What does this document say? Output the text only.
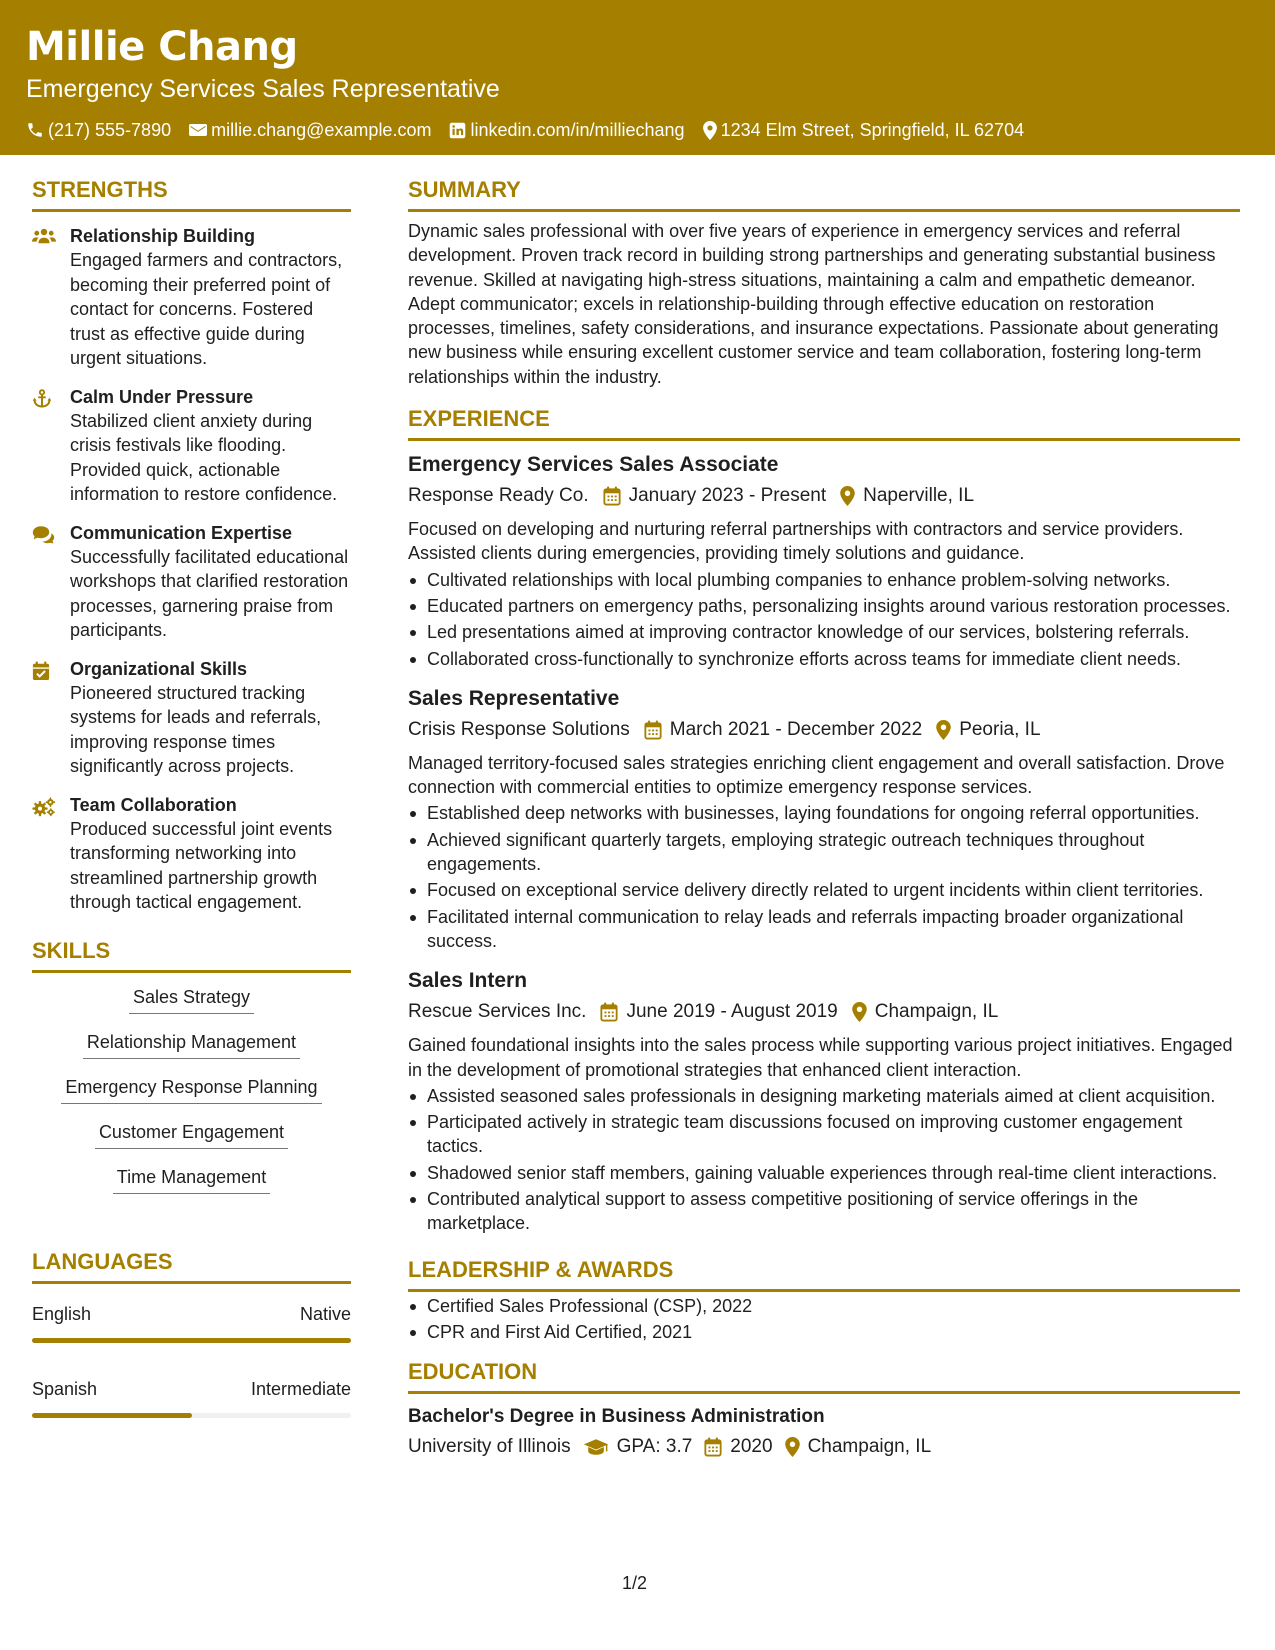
Millie Chang
Emergency Services Sales Representative
(217) 555-7890 millie.chang@example.com linkedin.com/in/milliechang 1234 Elm Street, Springfield, IL 62704
STRENGTHS
Relationship Building
Engaged farmers and contractors, becoming their preferred point of contact for concerns. Fostered trust as effective guide during urgent situations.
Calm Under Pressure
Stabilized client anxiety during crisis festivals like flooding. Provided quick, actionable information to restore confidence.
Communication Expertise
Successfully facilitated educational workshops that clarified restoration processes, garnering praise from participants.
Organizational Skills
Pioneered structured tracking systems for leads and referrals, improving response times significantly across projects.
Team Collaboration
Produced successful joint events transforming networking into streamlined partnership growth through tactical engagement.
SKILLS
Sales Strategy
Relationship Management
Emergency Response Planning
Customer Engagement
Time Management
LANGUAGES
English	Native
Spanish	Intermediate
SUMMARY
Dynamic sales professional with over five years of experience in emergency services and referral development. Proven track record in building strong partnerships and generating substantial business revenue. Skilled at navigating high-stress situations, maintaining a calm and empathetic demeanor. Adept communicator; excels in relationship-building through effective education on restoration processes, timelines, safety considerations, and insurance expectations. Passionate about generating new business while ensuring excellent customer service and team collaboration, fostering long-term relationships within the industry.
EXPERIENCE
Emergency Services Sales Associate
Response Ready Co. January 2023 - Present Naperville, IL
Focused on developing and nurturing referral partnerships with contractors and service providers. Assisted clients during emergencies, providing timely solutions and guidance.
Cultivated relationships with local plumbing companies to enhance problem-solving networks.
Educated partners on emergency paths, personalizing insights around various restoration processes.
Led presentations aimed at improving contractor knowledge of our services, bolstering referrals.
Collaborated cross-functionally to synchronize efforts across teams for immediate client needs.
Sales Representative
Crisis Response Solutions March 2021 - December 2022 Peoria, IL
Managed territory-focused sales strategies enriching client engagement and overall satisfaction. Drove connection with commercial entities to optimize emergency response services.
Established deep networks with businesses, laying foundations for ongoing referral opportunities.
Achieved significant quarterly targets, employing strategic outreach techniques throughout engagements.
Focused on exceptional service delivery directly related to urgent incidents within client territories.
Facilitated internal communication to relay leads and referrals impacting broader organizational success.
Sales Intern
Rescue Services Inc. June 2019 - August 2019 Champaign, IL
Gained foundational insights into the sales process while supporting various project initiatives. Engaged in the development of promotional strategies that enhanced client interaction.
Assisted seasoned sales professionals in designing marketing materials aimed at client acquisition.
Participated actively in strategic team discussions focused on improving customer engagement tactics.
Shadowed senior staff members, gaining valuable experiences through real-time client interactions.
Contributed analytical support to assess competitive positioning of service offerings in the marketplace.
LEADERSHIP & AWARDS
Certified Sales Professional (CSP), 2022
CPR and First Aid Certified, 2021
EDUCATION
Bachelor's Degree in Business Administration
University of Illinois GPA: 3.7 2020 Champaign, IL
1/2
